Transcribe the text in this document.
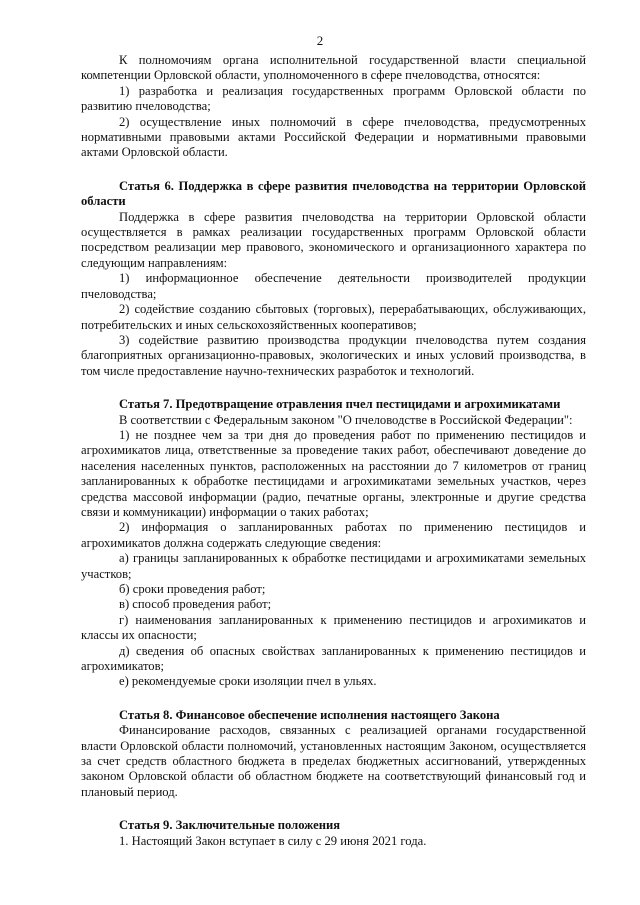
2

К полномочиям органа исполнительной государственной власти специальной компетенции Орловской области, уполномоченного в сфере пчеловодства, относятся:

1) разработка и реализация государственных программ Орловской области по развитию пчеловодства;

2) осуществление иных полномочий в сфере пчеловодства, предусмотренных нормативными правовыми актами Российской Федерации и нормативными правовыми актами Орловской области.

Статья 6. Поддержка в сфере развития пчеловодства на территории Орловской области

Поддержка в сфере развития пчеловодства на территории Орловской области осуществляется в рамках реализации государственных программ Орловской области посредством реализации мер правового, экономического и организационного характера по следующим направлениям:

1) информационное обеспечение деятельности производителей продукции пчеловодства;

2) содействие созданию сбытовых (торговых), перерабатывающих, обслуживающих, потребительских и иных сельскохозяйственных кооперативов;

3) содействие развитию производства продукции пчеловодства путем создания благоприятных организационно-правовых, экологических и иных условий производства, в том числе предоставление научно-технических разработок и технологий.

Статья 7. Предотвращение отравления пчел пестицидами и агрохимикатами

В соответствии с Федеральным законом "О пчеловодстве в Российской Федерации":

1) не позднее чем за три дня до проведения работ по применению пестицидов и агрохимикатов лица, ответственные за проведение таких работ, обеспечивают доведение до населения населенных пунктов, расположенных на расстоянии до 7 километров от границ запланированных к обработке пестицидами и агрохимикатами земельных участков, через средства массовой информации (радио, печатные органы, электронные и другие средства связи и коммуникации) информации о таких работах;

2) информация о запланированных работах по применению пестицидов и агрохимикатов должна содержать следующие сведения:

а) границы запланированных к обработке пестицидами и агрохимикатами земельных участков;

б) сроки проведения работ;

в) способ проведения работ;

г) наименования запланированных к применению пестицидов и агрохимикатов и классы их опасности;

д) сведения об опасных свойствах запланированных к применению пестицидов и агрохимикатов;

е) рекомендуемые сроки изоляции пчел в ульях.

Статья 8. Финансовое обеспечение исполнения настоящего Закона

Финансирование расходов, связанных с реализацией органами государственной власти Орловской области полномочий, установленных настоящим Законом, осуществляется за счет средств областного бюджета в пределах бюджетных ассигнований, утвержденных законом Орловской области об областном бюджете на соответствующий финансовый год и плановый период.

Статья 9. Заключительные положения

1. Настоящий Закон вступает в силу с 29 июня 2021 года.
